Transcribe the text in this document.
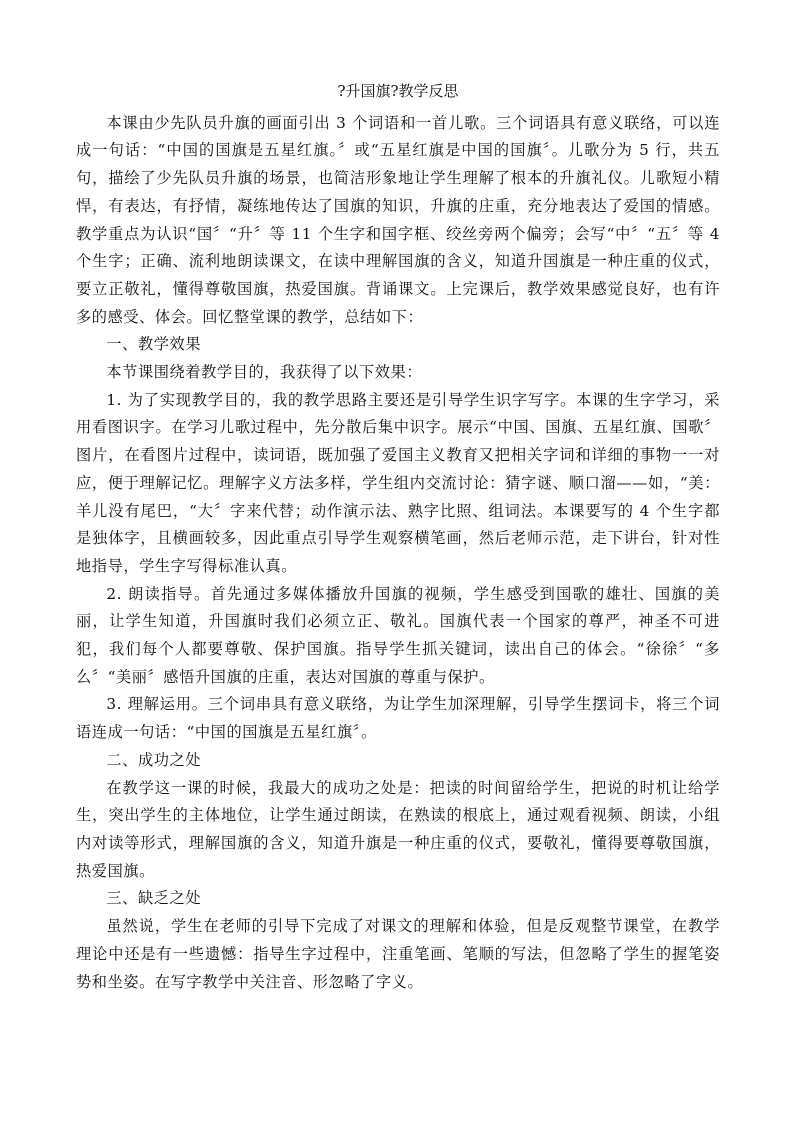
?升国旗?教学反思

本课由少先队员升旗的画面引出 3 个词语和一首儿歌。三个词语具有意义联络，可以连成一句话：“中国的国旗是五星红旗。〞或“五星红旗是中国的国旗〞。儿歌分为 5 行，共五句，描绘了少先队员升旗的场景，也简洁形象地让学生理解了根本的升旗礼仪。儿歌短小精悍，有表达，有抒情，凝练地传达了国旗的知识，升旗的庄重，充分地表达了爱国的情感。教学重点为认识“国〞“升〞等 11 个生字和国字框、绞丝旁两个偏旁；会写“中〞“五〞等 4 个生字；正确、流利地朗读课文，在读中理解国旗的含义，知道升国旗是一种庄重的仪式，要立正敬礼，懂得尊敬国旗，热爱国旗。背诵课文。上完课后，教学效果感觉良好，也有许多的感受、体会。回忆整堂课的教学，总结如下：

一、教学效果

本节课围绕着教学目的，我获得了以下效果：

1. 为了实现教学目的，我的教学思路主要还是引导学生识字写字。本课的生字学习，采用看图识字。在学习儿歌过程中，先分散后集中识字。展示“中国、国旗、五星红旗、国歌〞图片，在看图片过程中，读词语，既加强了爱国主义教育又把相关字词和详细的事物一一对应，便于理解记忆。理解字义方法多样，学生组内交流讨论：猜字谜、顺口溜——如，“美：羊儿没有尾巴，“大〞字来代替；动作演示法、熟字比照、组词法。本课要写的 4 个生字都是独体字，且横画较多，因此重点引导学生观察横笔画，然后老师示范，走下讲台，针对性地指导，学生字写得标准认真。

2. 朗读指导。首先通过多媒体播放升国旗的视频，学生感受到国歌的雄壮、国旗的美丽，让学生知道，升国旗时我们必须立正、敬礼。国旗代表一个国家的尊严，神圣不可进犯，我们每个人都要尊敬、保护国旗。指导学生抓关键词，读出自己的体会。“徐徐〞“多么〞“美丽〞感悟升国旗的庄重，表达对国旗的尊重与保护。

3. 理解运用。三个词串具有意义联络，为让学生加深理解，引导学生摆词卡，将三个词语连成一句话：“中国的国旗是五星红旗〞。

二、成功之处

在教学这一课的时候，我最大的成功之处是：把读的时间留给学生，把说的时机让给学生，突出学生的主体地位，让学生通过朗读，在熟读的根底上，通过观看视频、朗读，小组内对读等形式，理解国旗的含义，知道升旗是一种庄重的仪式，要敬礼，懂得要尊敬国旗，热爱国旗。

三、缺乏之处

虽然说，学生在老师的引导下完成了对课文的理解和体验，但是反观整节课堂，在教学理论中还是有一些遗憾：指导生字过程中，注重笔画、笔顺的写法，但忽略了学生的握笔姿势和坐姿。在写字教学中关注音、形忽略了字义。
